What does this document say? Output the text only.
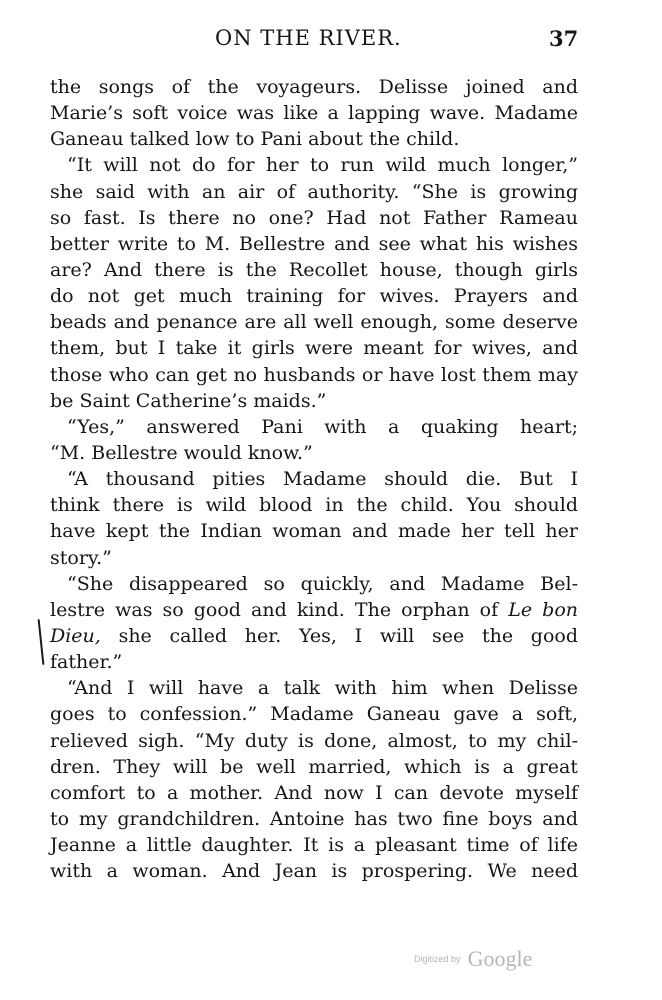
ON THE RIVER.	37
the songs of the voyageurs. Delisse joined and
Marie’s soft voice was like a lapping wave. Madame
Ganeau talked low to Pani about the child.
“It will not do for her to run wild much longer,”
she said with an air of authority. “She is growing
so fast. Is there no one? Had not Father Rameau
better write to M. Bellestre and see what his wishes
are? And there is the Recollet house, though girls
do not get much training for wives. Prayers and
beads and penance are all well enough, some deserve
them, but I take it girls were meant for wives, and
those who can get no husbands or have lost them may
be Saint Catherine’s maids.”
“Yes,” answered Pani with a quaking heart;
“M. Bellestre would know.”
“A thousand pities Madame should die. But I
think there is wild blood in the child. You should
have kept the Indian woman and made her tell her
story.”
“She disappeared so quickly, and Madame Bel-
lestre was so good and kind. The orphan of Le bon
Dieu, she called her. Yes, I will see the good
father.”
“And I will have a talk with him when Delisse
goes to confession.” Madame Ganeau gave a soft,
relieved sigh. “My duty is done, almost, to my chil-
dren. They will be well married, which is a great
comfort to a mother. And now I can devote myself
to my grandchildren. Antoine has two fine boys and
Jeanne a little daughter. It is a pleasant time of life
with a woman. And Jean is prospering. We need
Digitized by Google
